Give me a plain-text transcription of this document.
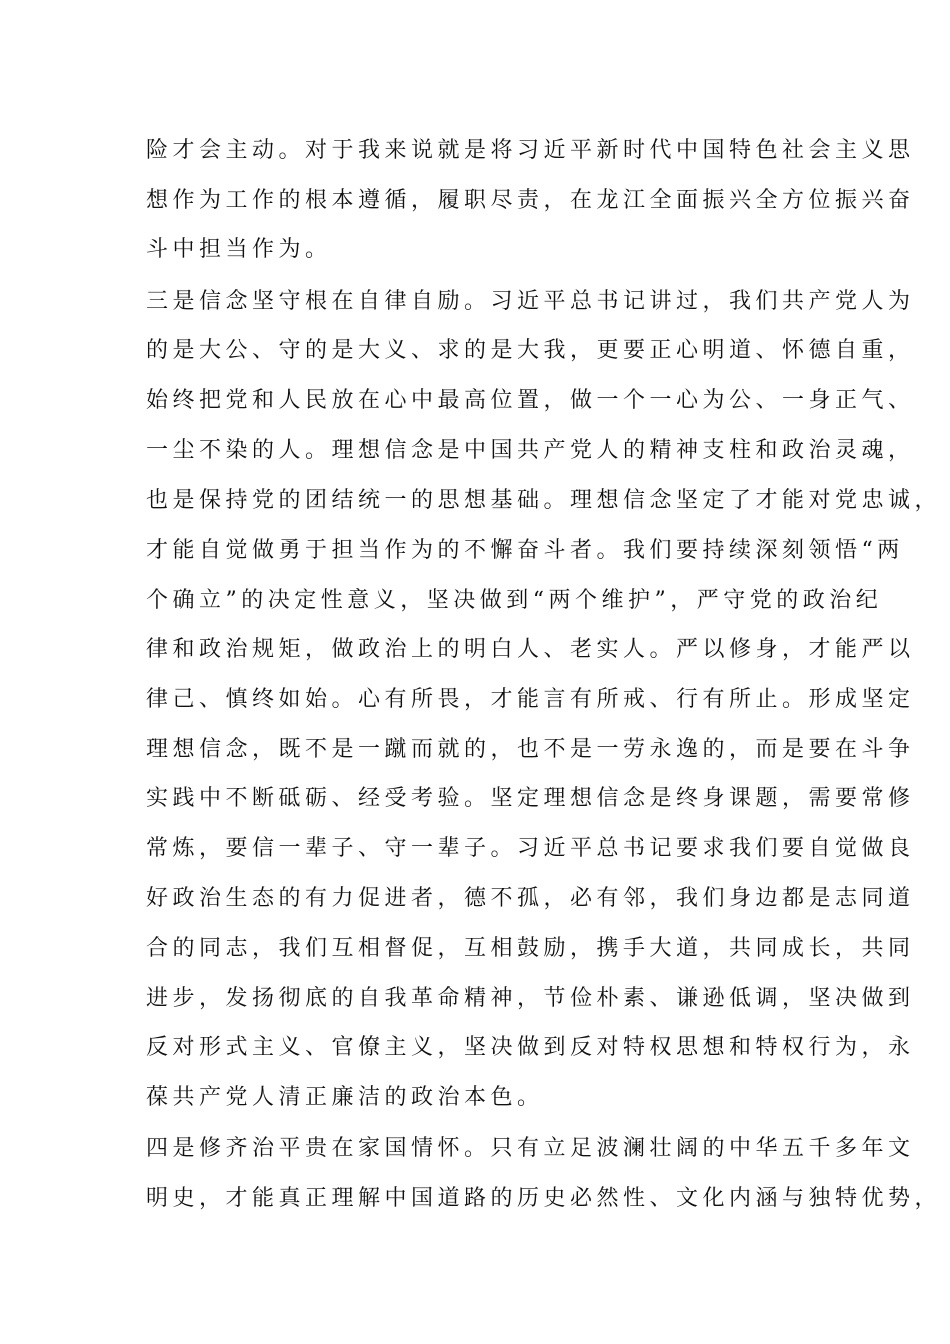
险才会主动。对于我来说就是将习近平新时代中国特色社会主义思
想作为工作的根本遵循，履职尽责，在龙江全面振兴全方位振兴奋
斗中担当作为。
三是信念坚守根在自律自励。习近平总书记讲过，我们共产党人为
的是大公、守的是大义、求的是大我，更要正心明道、怀德自重，
始终把党和人民放在心中最高位置，做一个一心为公、一身正气、
一尘不染的人。理想信念是中国共产党人的精神支柱和政治灵魂，
也是保持党的团结统一的思想基础。理想信念坚定了才能对党忠诚，
才能自觉做勇于担当作为的不懈奋斗者。我们要持续深刻领悟“两
个确立”的决定性意义，坚决做到“两个维护”，严守党的政治纪
律和政治规矩，做政治上的明白人、老实人。严以修身，才能严以
律己、慎终如始。心有所畏，才能言有所戒、行有所止。形成坚定
理想信念，既不是一蹴而就的，也不是一劳永逸的，而是要在斗争
实践中不断砥砺、经受考验。坚定理想信念是终身课题，需要常修
常炼，要信一辈子、守一辈子。习近平总书记要求我们要自觉做良
好政治生态的有力促进者，德不孤，必有邻，我们身边都是志同道
合的同志，我们互相督促，互相鼓励，携手大道，共同成长，共同
进步，发扬彻底的自我革命精神，节俭朴素、谦逊低调，坚决做到
反对形式主义、官僚主义，坚决做到反对特权思想和特权行为，永
葆共产党人清正廉洁的政治本色。
四是修齐治平贵在家国情怀。只有立足波澜壮阔的中华五千多年文
明史，才能真正理解中国道路的历史必然性、文化内涵与独特优势，
